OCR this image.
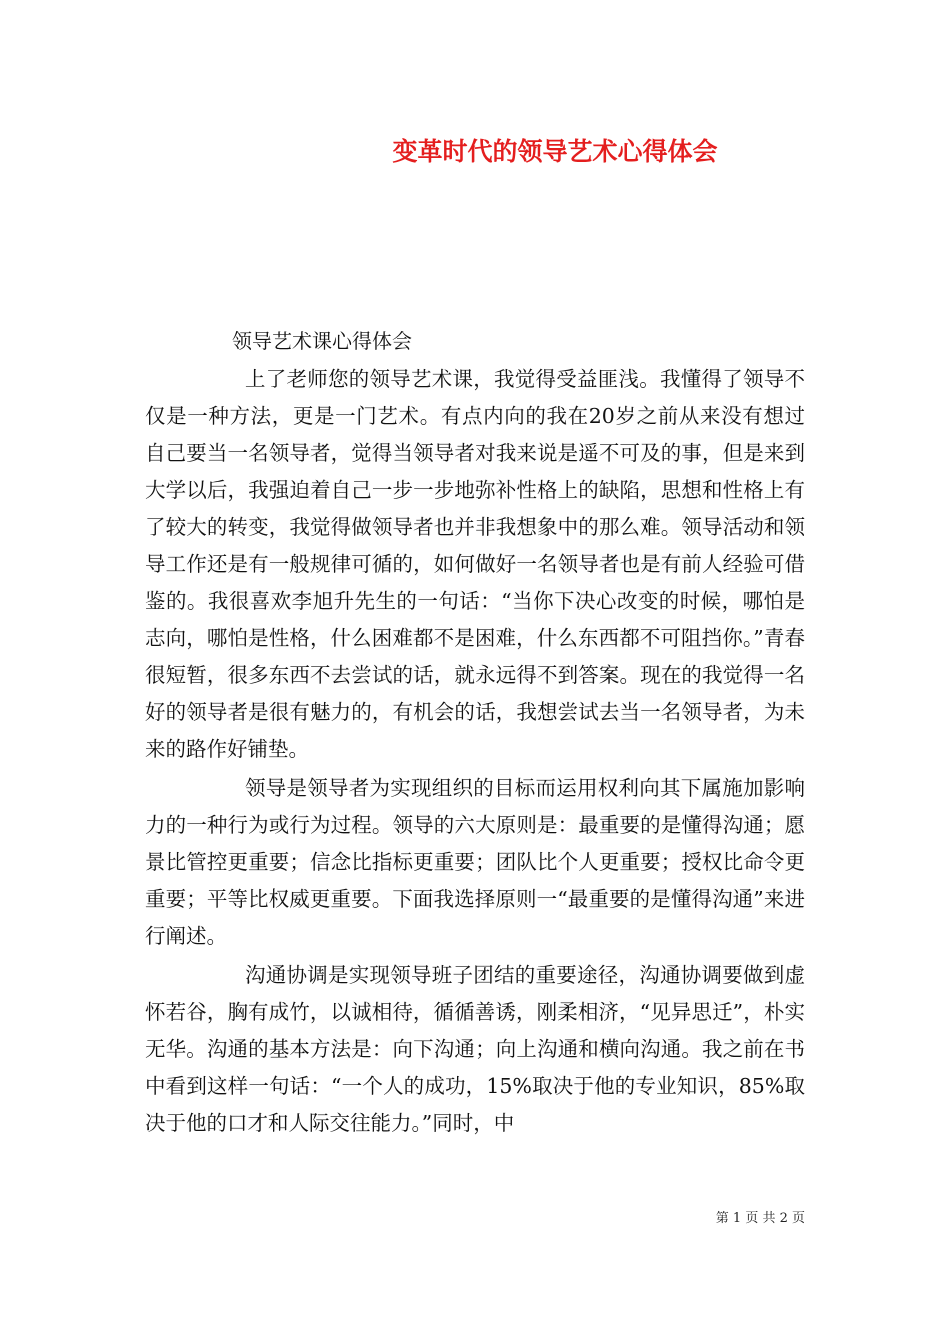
变革时代的领导艺术心得体会
领导艺术课心得体会

上了老师您的领导艺术课，我觉得受益匪浅。我懂得了领导不仅是一种方法，更是一门艺术。有点内向的我在20岁之前从来没有想过自己要当一名领导者，觉得当领导者对我来说是遥不可及的事，但是来到大学以后，我强迫着自己一步一步地弥补性格上的缺陷，思想和性格上有了较大的转变，我觉得做领导者也并非我想象中的那么难。领导活动和领导工作还是有一般规律可循的，如何做好一名领导者也是有前人经验可借鉴的。我很喜欢李旭升先生的一句话：“当你下决心改变的时候，哪怕是志向，哪怕是性格，什么困难都不是困难，什么东西都不可阻挡你。”青春很短暂，很多东西不去尝试的话，就永远得不到答案。现在的我觉得一名好的领导者是很有魅力的，有机会的话，我想尝试去当一名领导者，为未来的路作好铺垫。

领导是领导者为实现组织的目标而运用权利向其下属施加影响力的一种行为或行为过程。领导的六大原则是：最重要的是懂得沟通；愿景比管控更重要；信念比指标更重要；团队比个人更重要；授权比命令更重要；平等比权威更重要。下面我选择原则一“最重要的是懂得沟通”来进行阐述。

沟通协调是实现领导班子团结的重要途径，沟通协调要做到虚怀若谷，胸有成竹，以诚相待，循循善诱，刚柔相济，“见异思迁”，朴实无华。沟通的基本方法是：向下沟通；向上沟通和横向沟通。我之前在书中看到这样一句话：“一个人的成功，15%取决于他的专业知识，85%取决于他的口才和人际交往能力。”同时，中

第 1 页 共 2 页
